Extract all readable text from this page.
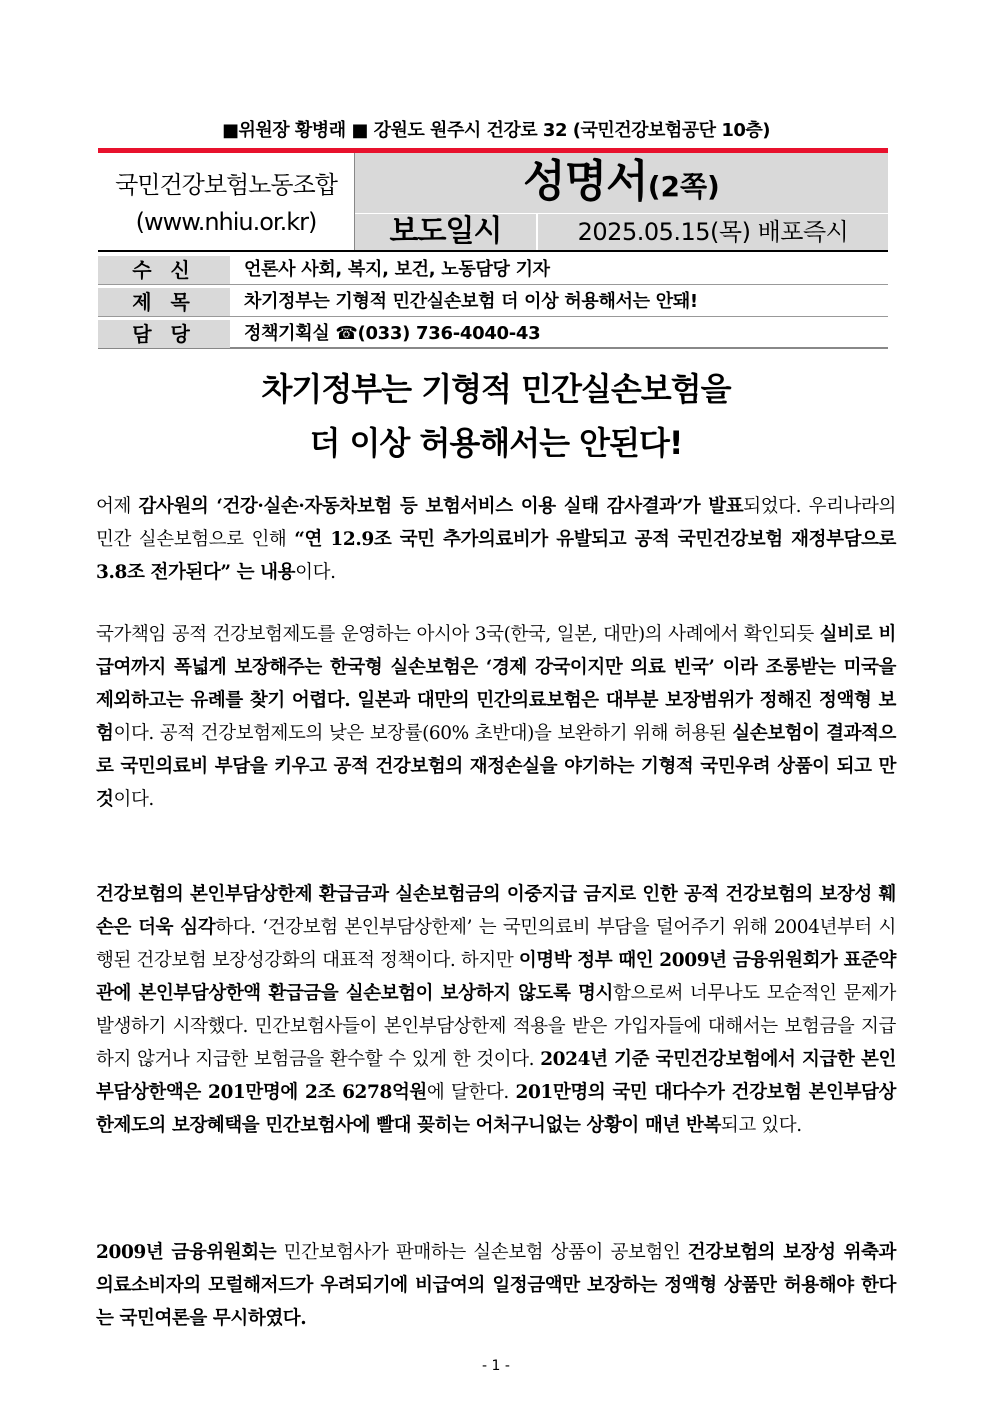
■위원장 황병래 ■ 강원도 원주시 건강로 32 (국민건강보험공단 10층)
국민건강보험노동조합
(www.nhiu.or.kr)
성명서(2쪽)
보도일시	2025.05.15(목) 배포즉시
수 신	언론사 사회, 복지, 보건, 노동담당 기자
제 목	차기정부는 기형적 민간실손보험 더 이상 허용해서는 안돼!
담 당	정책기획실 ☎(033) 736-4040-43
차기정부는 기형적 민간실손보험을
더 이상 허용해서는 안된다!
어제 감사원의 ‘건강·실손·자동차보험 등 보험서비스 이용 실태 감사결과’가 발표되었다. 우리나라의 민간 실손보험으로 인해 “연 12.9조 국민 추가의료비가 유발되고 공적 국민건강보험 재정부담으로 3.8조 전가된다” 는 내용이다.
국가책임 공적 건강보험제도를 운영하는 아시아 3국(한국, 일본, 대만)의 사례에서 확인되듯 실비로 비급여까지 폭넓게 보장해주는 한국형 실손보험은 ‘경제 강국이지만 의료 빈국’ 이라 조롱받는 미국을 제외하고는 유례를 찾기 어렵다. 일본과 대만의 민간의료보험은 대부분 보장범위가 정해진 정액형 보험이다. 공적 건강보험제도의 낮은 보장률(60% 초반대)을 보완하기 위해 허용된 실손보험이 결과적으로 국민의료비 부담을 키우고 공적 건강보험의 재정손실을 야기하는 기형적 국민우려 상품이 되고 만 것이다.
건강보험의 본인부담상한제 환급금과 실손보험금의 이중지급 금지로 인한 공적 건강보험의 보장성 훼손은 더욱 심각하다. ‘건강보험 본인부담상한제’ 는 국민의료비 부담을 덜어주기 위해 2004년부터 시행된 건강보험 보장성강화의 대표적 정책이다. 하지만 이명박 정부 때인 2009년 금융위원회가 표준약관에 본인부담상한액 환급금을 실손보험이 보상하지 않도록 명시함으로써 너무나도 모순적인 문제가 발생하기 시작했다. 민간보험사들이 본인부담상한제 적용을 받은 가입자들에 대해서는 보험금을 지급하지 않거나 지급한 보험금을 환수할 수 있게 한 것이다. 2024년 기준 국민건강보험에서 지급한 본인부담상한액은 201만명에 2조 6278억원에 달한다. 201만명의 국민 대다수가 건강보험 본인부담상한제도의 보장혜택을 민간보험사에 빨대 꽂히는 어처구니없는 상황이 매년 반복되고 있다.
2009년 금융위원회는 민간보험사가 판매하는 실손보험 상품이 공보험인 건강보험의 보장성 위축과 의료소비자의 모럴해저드가 우려되기에 비급여의 일정금액만 보장하는 정액형 상품만 허용해야 한다는 국민여론을 무시하였다.
- 1 -
